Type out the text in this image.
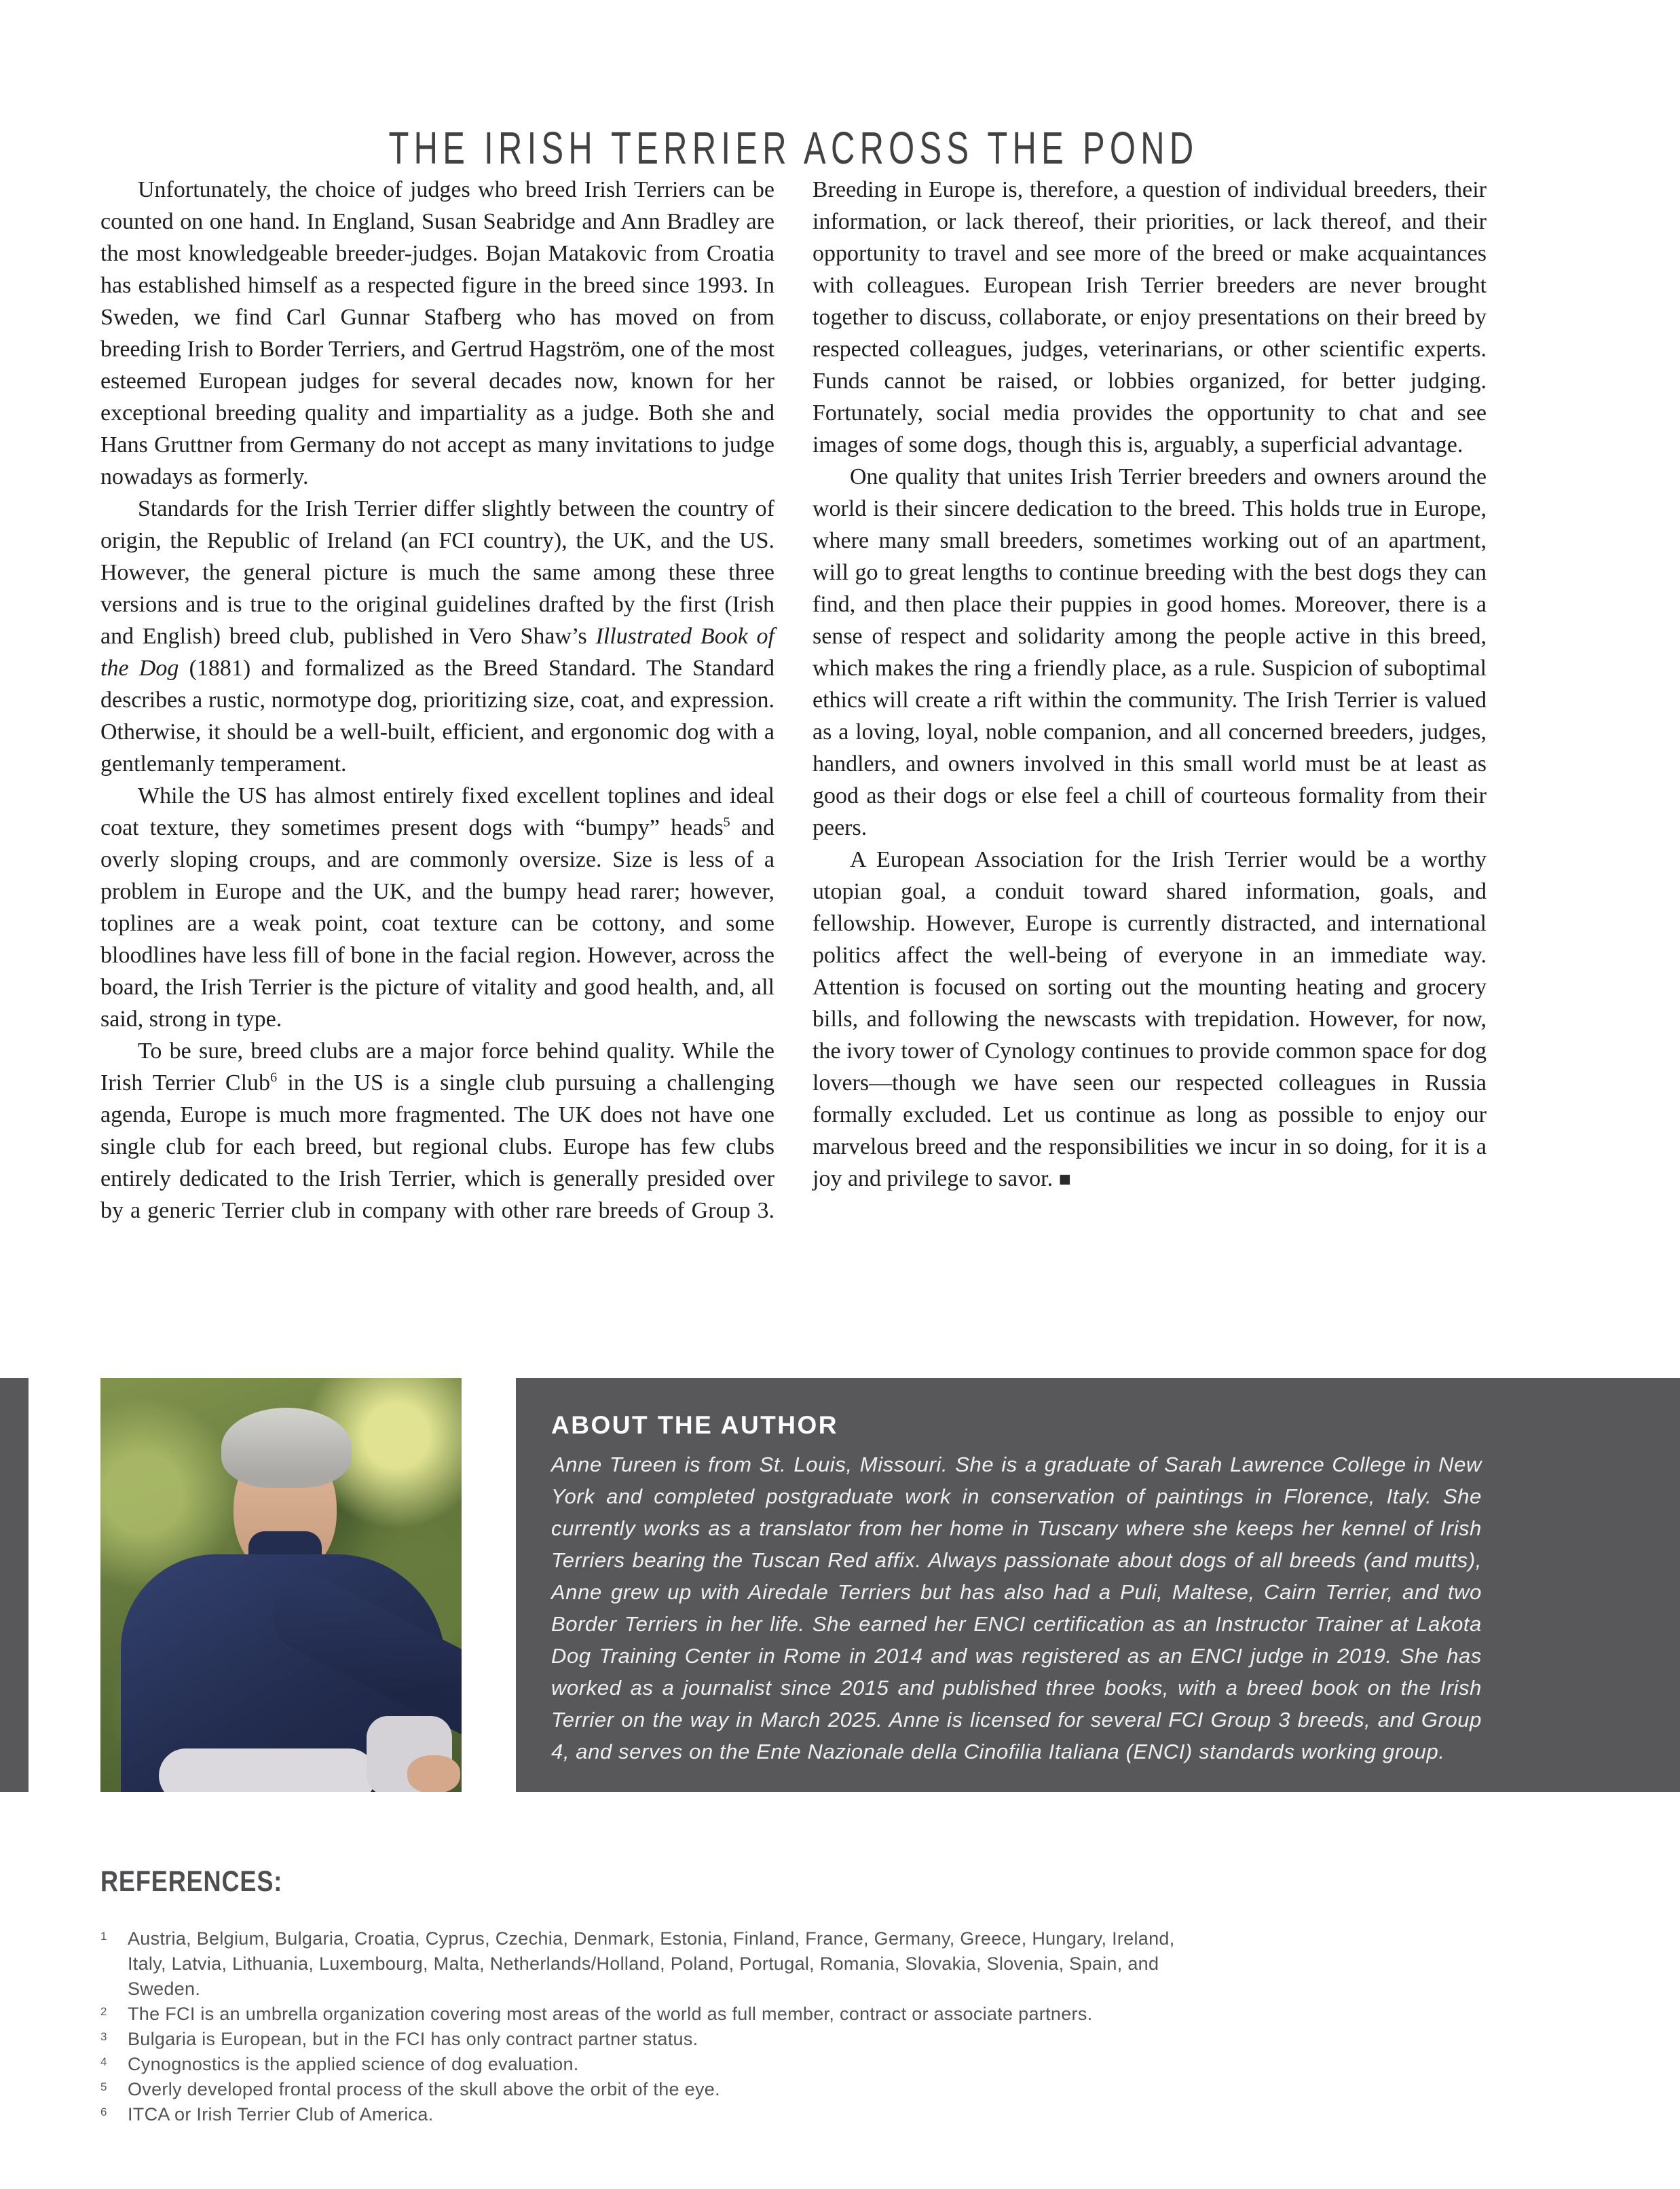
THE IRISH TERRIER ACROSS THE POND

Unfortunately, the choice of judges who breed Irish Terriers can be counted on one hand. In England, Susan Seabridge and Ann Bradley are the most knowledgeable breeder-judges. Bojan Matakovic from Croatia has established himself as a respected figure in the breed since 1993. In Sweden, we find Carl Gunnar Stafberg who has moved on from breeding Irish to Border Terriers, and Gertrud Hagström, one of the most esteemed European judges for several decades now, known for her exceptional breeding quality and impartiality as a judge. Both she and Hans Gruttner from Germany do not accept as many invitations to judge nowadays as formerly.

Standards for the Irish Terrier differ slightly between the country of origin, the Republic of Ireland (an FCI country), the UK, and the US. However, the general picture is much the same among these three versions and is true to the original guidelines drafted by the first (Irish and English) breed club, published in Vero Shaw’s Illustrated Book of the Dog (1881) and formalized as the Breed Standard. The Standard describes a rustic, normotype dog, prioritizing size, coat, and expression. Otherwise, it should be a well-built, efficient, and ergonomic dog with a gentlemanly temperament.

While the US has almost entirely fixed excellent toplines and ideal coat texture, they sometimes present dogs with “bumpy” heads$^5$ and overly sloping croups, and are commonly oversize. Size is less of a problem in Europe and the UK, and the bumpy head rarer; however, toplines are a weak point, coat texture can be cottony, and some bloodlines have less fill of bone in the facial region. However, across the board, the Irish Terrier is the picture of vitality and good health, and, all said, strong in type.

To be sure, breed clubs are a major force behind quality. While the Irish Terrier Club$^6$ in the US is a single club pursuing a challenging agenda, Europe is much more fragmented. The UK does not have one single club for each breed, but regional clubs. Europe has few clubs entirely dedicated to the Irish Terrier, which is generally presided over by a generic Terrier club in company with other rare breeds of Group 3. Breeding in Europe is, therefore, a question of individual breeders, their information, or lack thereof, their priorities, or lack thereof, and their opportunity to travel and see more of the breed or make acquaintances with colleagues. European Irish Terrier breeders are never brought together to discuss, collaborate, or enjoy presentations on their breed by respected colleagues, judges, veterinarians, or other scientific experts. Funds cannot be raised, or lobbies organized, for better judging. Fortunately, social media provides the opportunity to chat and see images of some dogs, though this is, arguably, a superficial advantage.

One quality that unites Irish Terrier breeders and owners around the world is their sincere dedication to the breed. This holds true in Europe, where many small breeders, sometimes working out of an apartment, will go to great lengths to continue breeding with the best dogs they can find, and then place their puppies in good homes. Moreover, there is a sense of respect and solidarity among the people active in this breed, which makes the ring a friendly place, as a rule. Suspicion of suboptimal ethics will create a rift within the community. The Irish Terrier is valued as a loving, loyal, noble companion, and all concerned breeders, judges, handlers, and owners involved in this small world must be at least as good as their dogs or else feel a chill of courteous formality from their peers.

A European Association for the Irish Terrier would be a worthy utopian goal, a conduit toward shared information, goals, and fellowship. However, Europe is currently distracted, and international politics affect the well-being of everyone in an immediate way. Attention is focused on sorting out the mounting heating and grocery bills, and following the newscasts with trepidation. However, for now, the ivory tower of Cynology continues to provide common space for dog lovers—though we have seen our respected colleagues in Russia formally excluded. Let us continue as long as possible to enjoy our marvelous breed and the responsibilities we incur in so doing, for it is a joy and privilege to savor. ■

ABOUT THE AUTHOR
Anne Tureen is from St. Louis, Missouri. She is a graduate of Sarah Lawrence College in New York and completed postgraduate work in conservation of paintings in Florence, Italy. She currently works as a translator from her home in Tuscany where she keeps her kennel of Irish Terriers bearing the Tuscan Red affix. Always passionate about dogs of all breeds (and mutts), Anne grew up with Airedale Terriers but has also had a Puli, Maltese, Cairn Terrier, and two Border Terriers in her life. She earned her ENCI certification as an Instructor Trainer at Lakota Dog Training Center in Rome in 2014 and was registered as an ENCI judge in 2019. She has worked as a journalist since 2015 and published three books, with a breed book on the Irish Terrier on the way in March 2025. Anne is licensed for several FCI Group 3 breeds, and Group 4, and serves on the Ente Nazionale della Cinofilia Italiana (ENCI) standards working group.
REFERENCES:
1	Austria, Belgium, Bulgaria, Croatia, Cyprus, Czechia, Denmark, Estonia, Finland, France, Germany, Greece, Hungary, Ireland, Italy, Latvia, Lithuania, Luxembourg, Malta, Netherlands/Holland, Poland, Portugal, Romania, Slovakia, Slovenia, Spain, and Sweden.
2	The FCI is an umbrella organization covering most areas of the world as full member, contract or associate partners.
3	Bulgaria is European, but in the FCI has only contract partner status.
4	Cynognostics is the applied science of dog evaluation.
5	Overly developed frontal process of the skull above the orbit of the eye.
6	ITCA or Irish Terrier Club of America.
